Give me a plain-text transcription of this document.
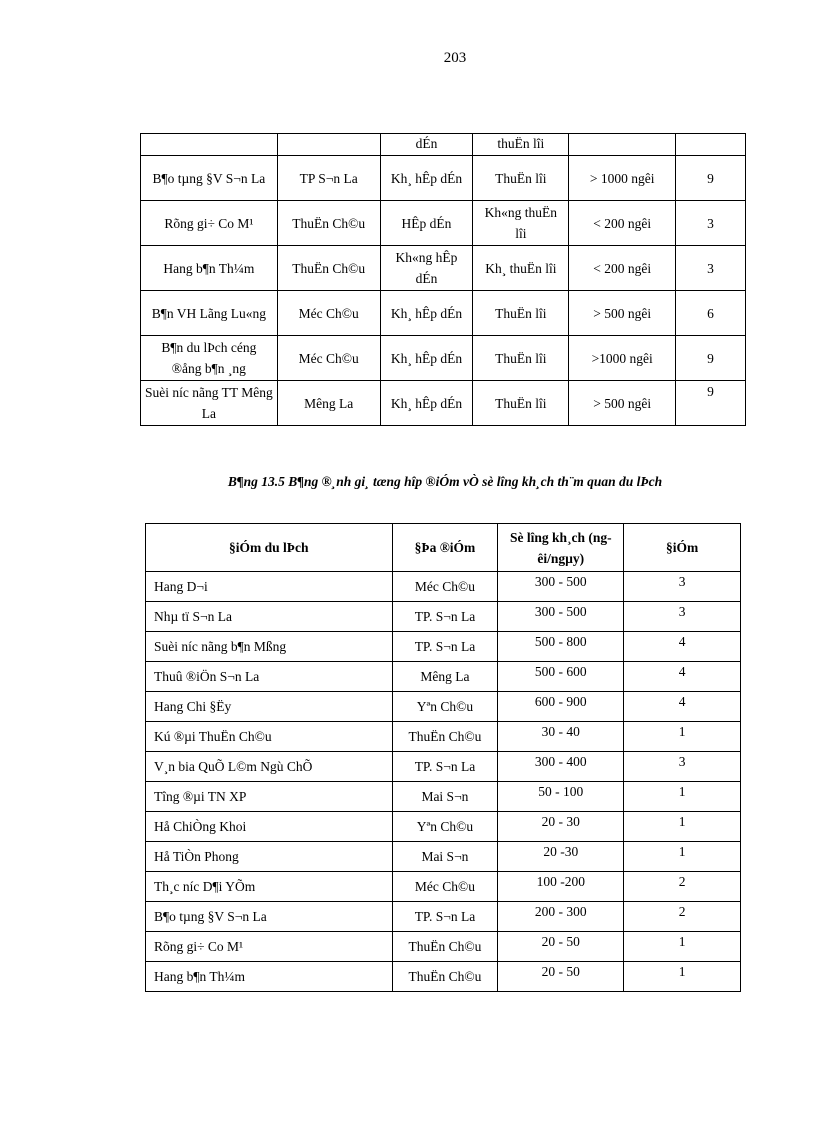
203
		dÉn	thuËn lîi		
B¶o tµng §V S¬n La	TP S¬n La	Kh¸ hÊp dÉn	ThuËn lîi	> 1000 ngêi	9
Rõng gi÷ Co M¹	ThuËn Ch©u	HÊp dÉn	Kh«ng thuËn lîi	< 200 ngêi	3
Hang b¶n Th¼m	ThuËn Ch©u	Kh«ng hÊp dÉn	Kh¸ thuËn lîi	< 200 ngêi	3
B¶n VH Lãng Lu«ng	Méc Ch©u	Kh¸ hÊp dÉn	ThuËn lîi	> 500 ngêi	6
B¶n du lÞch céng ®ång b¶n ¸ng	Méc Ch©u	Kh¸ hÊp dÉn	ThuËn lîi	>1000 ngêi	9
Suèi níc nãng TT Mêng La	Mêng La	Kh¸ hÊp dÉn	ThuËn lîi	> 500 ngêi	9
B¶ng 13.5 B¶ng ®¸nh gi¸ tæng hîp ®iÓm vÒ sè lîng kh¸ch th¨m quan du lÞch
§iÓm du lÞch	§Þa ®iÓm	Sè lîng kh¸ch (ngêi/ngµy)	§iÓm
Hang D¬i	Méc Ch©u	300 - 500	3
Nhµ tï S¬n La	TP. S¬n La	300 - 500	3
Suèi níc nãng b¶n Mßng	TP. S¬n La	500 - 800	4
Thuû ®iÖn S¬n La	Mêng La	500 - 600	4
Hang Chi §Ëy	Yªn Ch©u	600 - 900	4
Kú ®µi ThuËn Ch©u	ThuËn Ch©u	30 - 40	1
V¸n bia QuÕ L©m Ngù ChÕ	TP. S¬n La	300 - 400	3
Tîng ®µi TN XP	Mai S¬n	50 - 100	1
Hå ChiÒng Khoi	Yªn Ch©u	20 - 30	1
Hå TiÒn Phong	Mai S¬n	20 -30	1
Th¸c níc D¶i YÕm	Méc Ch©u	100 -200	2
B¶o tµng §V S¬n La	TP. S¬n La	200 - 300	2
Rõng gi÷ Co M¹	ThuËn Ch©u	20 - 50	1
Hang b¶n Th¼m	ThuËn Ch©u	20 - 50	1
